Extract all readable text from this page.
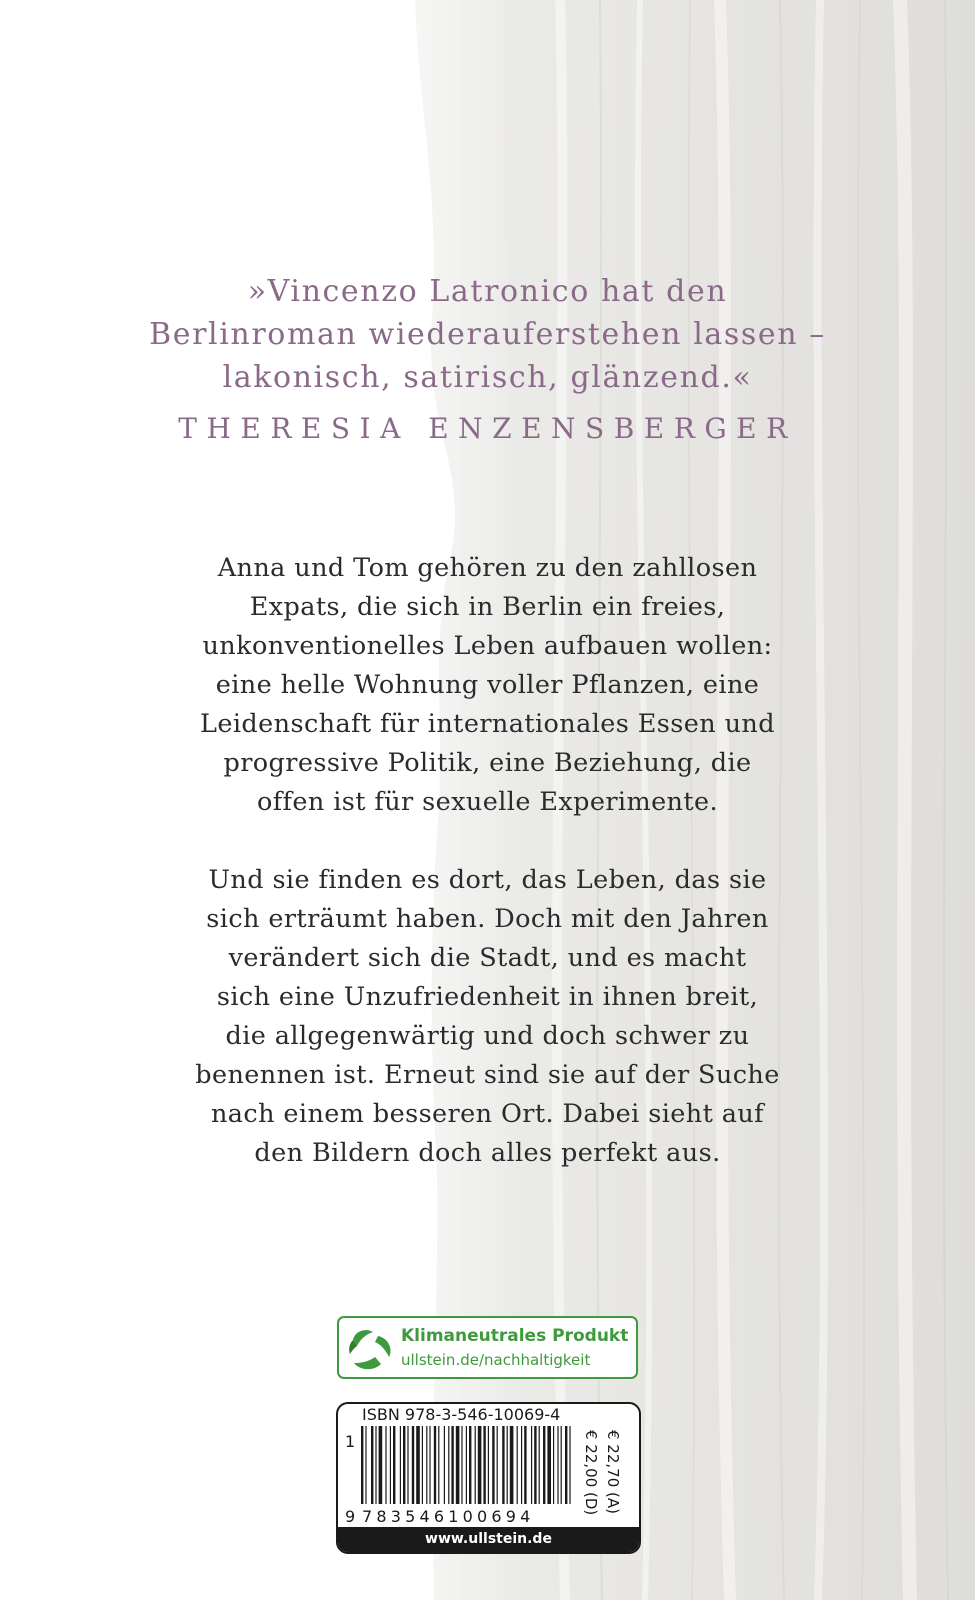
»Vincenzo Latronico hat den
Berlinroman wiederauferstehen lassen –
lakonisch, satirisch, glänzend.«
THERESIA ENZENSBERGER
Anna und Tom gehören zu den zahllosen
Expats, die sich in Berlin ein freies,
unkonventionelles Leben aufbauen wollen:
eine helle Wohnung voller Pflanzen, eine
Leidenschaft für internationales Essen und
progressive Politik, eine Beziehung, die
offen ist für sexuelle Experimente.
Und sie finden es dort, das Leben, das sie
sich erträumt haben. Doch mit den Jahren
verändert sich die Stadt, und es macht
sich eine Unzufriedenheit in ihnen breit,
die allgegenwärtig und doch schwer zu
benennen ist. Erneut sind sie auf der Suche
nach einem besseren Ort. Dabei sieht auf
den Bildern doch alles perfekt aus.
Klimaneutrales Produkt
ullstein.de/nachhaltigkeit
ISBN 978-3-546-10069-4
1
9 783546100694
€ 22,00 (D) € 22,70 (A)
www.ullstein.de
